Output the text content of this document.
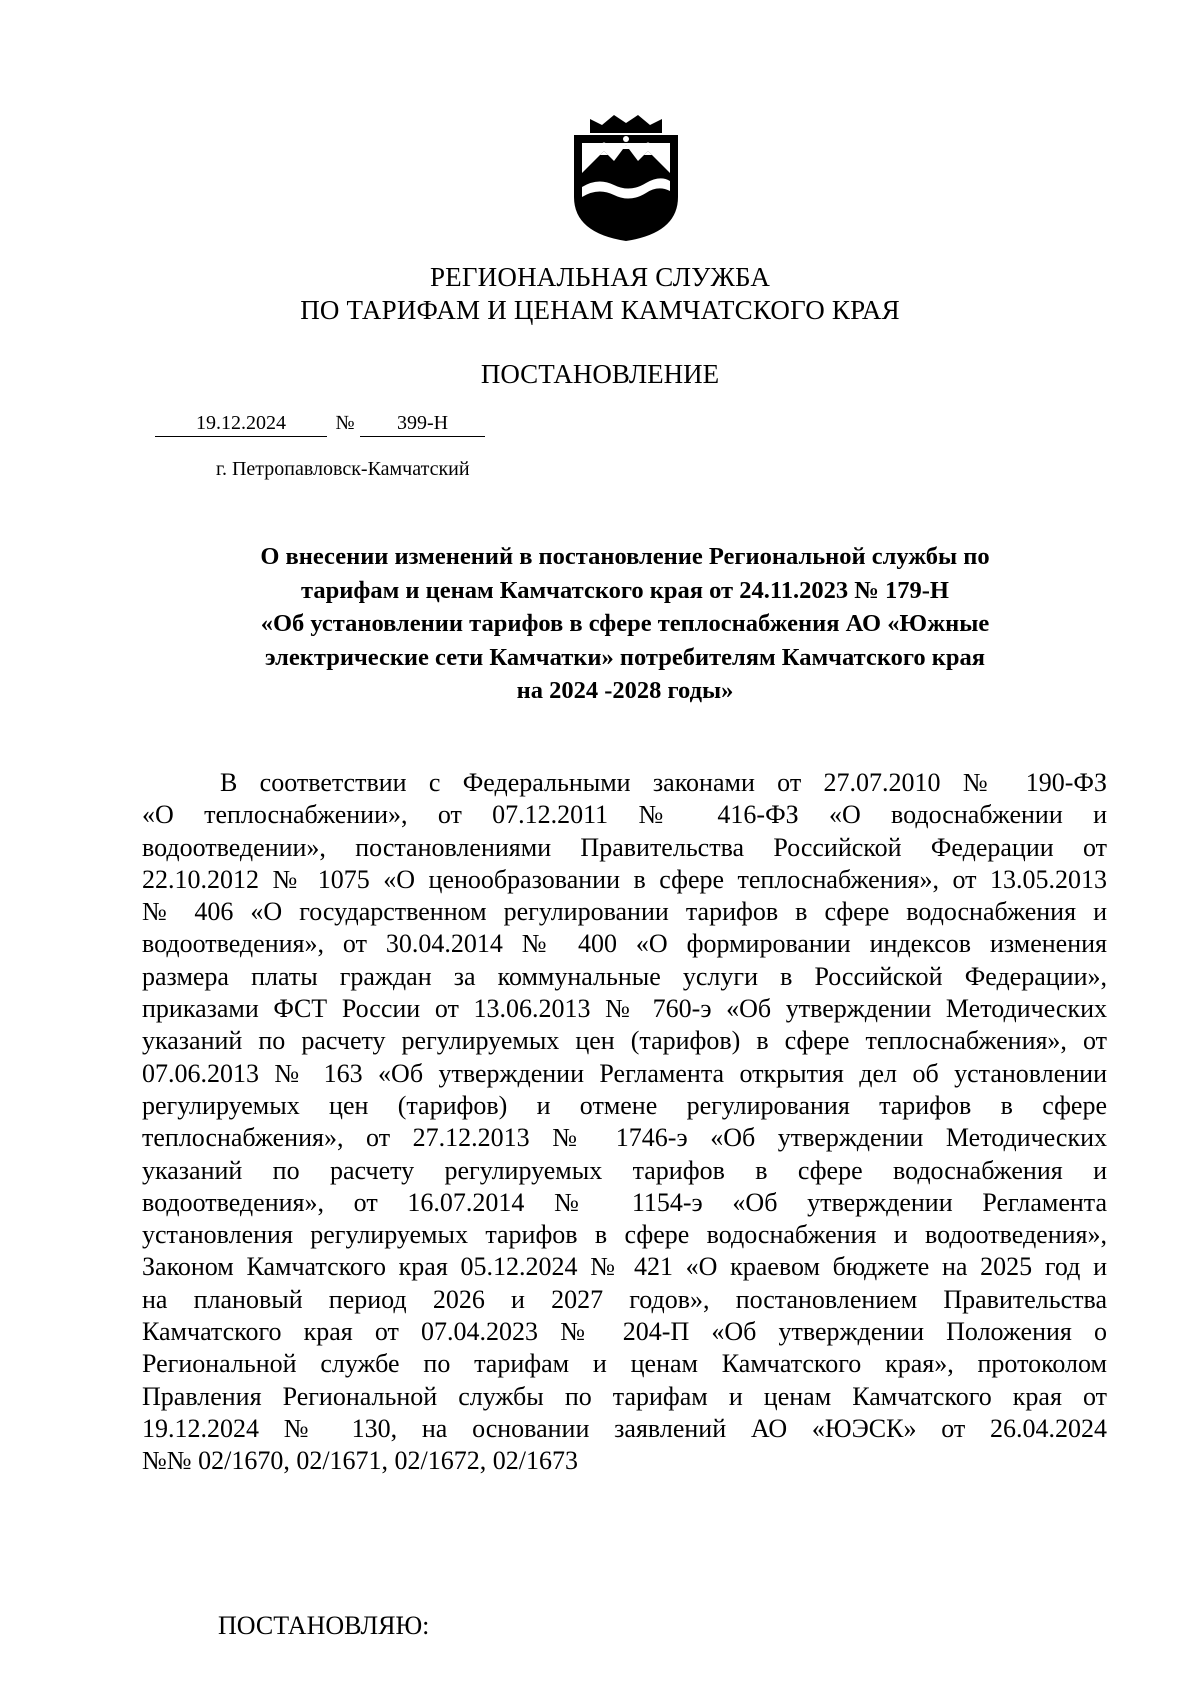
РЕГИОНАЛЬНАЯ СЛУЖБА
ПО ТАРИФАМ И ЦЕНАМ КАМЧАТСКОГО КРАЯ
ПОСТАНОВЛЕНИЕ
19.12.2024	№	399-Н
г. Петропавловск-Камчатский
О внесении изменений в постановление Региональной службы по
тарифам и ценам Камчатского края от 24.11.2023 № 179-Н
«Об установлении тарифов в сфере теплоснабжения АО «Южные
электрические сети Камчатки» потребителям Камчатского края
на 2024 -2028 годы»
В соответствии с Федеральными законами от 27.07.2010 № 190-ФЗ
«О теплоснабжении», от 07.12.2011 № 416-ФЗ «О водоснабжении и
водоотведении», постановлениями Правительства Российской Федерации от
22.10.2012 № 1075 «О ценообразовании в сфере теплоснабжения», от 13.05.2013
№ 406 «О государственном регулировании тарифов в сфере водоснабжения и
водоотведения», от 30.04.2014 № 400 «О формировании индексов изменения
размера платы граждан за коммунальные услуги в Российской Федерации»,
приказами ФСТ России от 13.06.2013 № 760-э «Об утверждении Методических
указаний по расчету регулируемых цен (тарифов) в сфере теплоснабжения», от
07.06.2013 № 163 «Об утверждении Регламента открытия дел об установлении
регулируемых цен (тарифов) и отмене регулирования тарифов в сфере
теплоснабжения», от 27.12.2013 № 1746-э «Об утверждении Методических
указаний по расчету регулируемых тарифов в сфере водоснабжения и
водоотведения», от 16.07.2014 № 1154-э «Об утверждении Регламента
установления регулируемых тарифов в сфере водоснабжения и водоотведения»,
Законом Камчатского края 05.12.2024 № 421 «О краевом бюджете на 2025 год и
на плановый период 2026 и 2027 годов», постановлением Правительства
Камчатского края от 07.04.2023 № 204-П «Об утверждении Положения о
Региональной службе по тарифам и ценам Камчатского края», протоколом
Правления Региональной службы по тарифам и ценам Камчатского края от
19.12.2024 № 130, на основании заявлений АО «ЮЭСК» от 26.04.2024
№№ 02/1670, 02/1671, 02/1672, 02/1673
ПОСТАНОВЛЯЮ:
